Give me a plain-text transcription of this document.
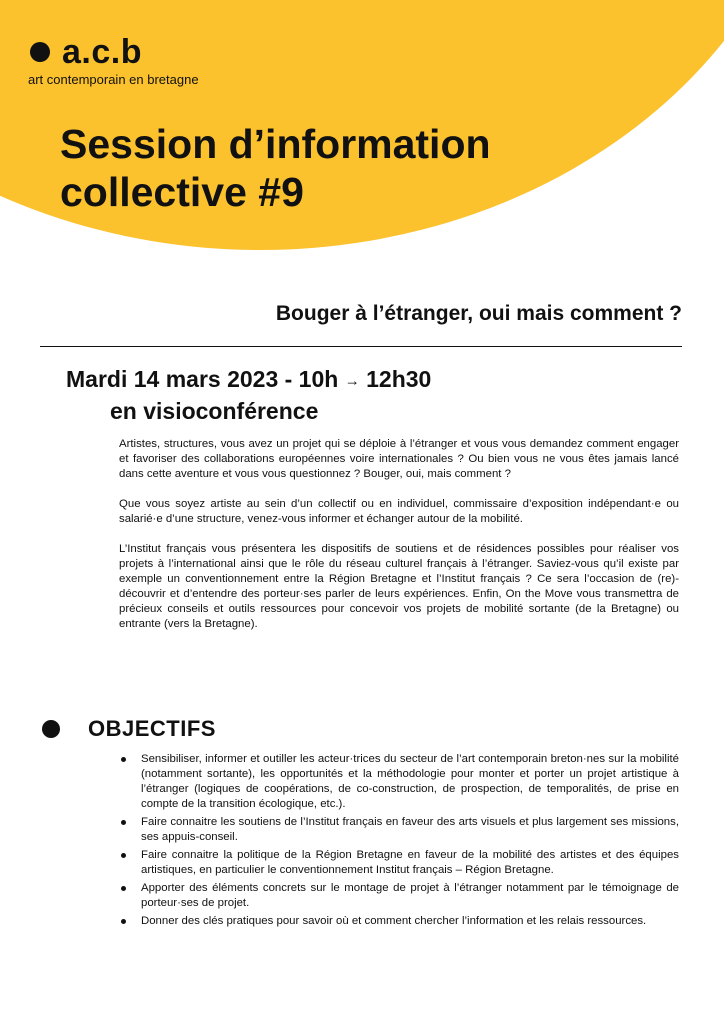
a.c.b
art contemporain en bretagne
Session d’information
collective #9
Bouger à l’étranger, oui mais comment ?
Mardi 14 mars 2023 - 10h → 12h30
en visioconférence

Artistes, structures, vous avez un projet qui se déploie à l’étranger et vous vous demandez comment engager et favoriser des collaborations européennes voire internationales ? Ou bien vous ne vous êtes jamais lancé dans cette aventure et vous vous questionnez ? Bouger, oui, mais comment ?

Que vous soyez artiste au sein d’un collectif ou en individuel, commissaire d’exposition indépendant·e ou salarié·e d’une structure, venez-vous informer et échanger autour de la mobilité.

L’Institut français vous présentera les dispositifs de soutiens et de résidences possibles pour réaliser vos projets à l’international ainsi que le rôle du réseau culturel français à l’étranger. Saviez-vous qu’il existe par exemple un conventionnement entre la Région Bretagne et l’Institut français ? Ce sera l’occasion de (re)-découvrir et d’entendre des porteur·ses parler de leurs expériences. Enfin, On the Move vous transmettra de précieux conseils et outils ressources pour concevoir vos projets de mobilité sortante (de la Bretagne) ou entrante (vers la Bretagne).

OBJECTIFS
Sensibiliser, informer et outiller les acteur·trices du secteur de l’art contemporain breton·nes sur la mobilité (notamment sortante), les opportunités et la méthodologie pour monter et porter un projet artistique à l’étranger (logiques de coopérations, de co-construction, de prospection, de temporalités, de prise en compte de la transition écologique, etc.).
Faire connaitre les soutiens de l’Institut français en faveur des arts visuels et plus largement ses missions, ses appuis-conseil.
Faire connaitre la politique de la Région Bretagne en faveur de la mobilité des artistes et des équipes artistiques, en particulier le conventionnement Institut français – Région Bretagne.
Apporter des éléments concrets sur le montage de projet à l’étranger notamment par le témoignage de porteur·ses de projet.
Donner des clés pratiques pour savoir où et comment chercher l’information et les relais ressources.
